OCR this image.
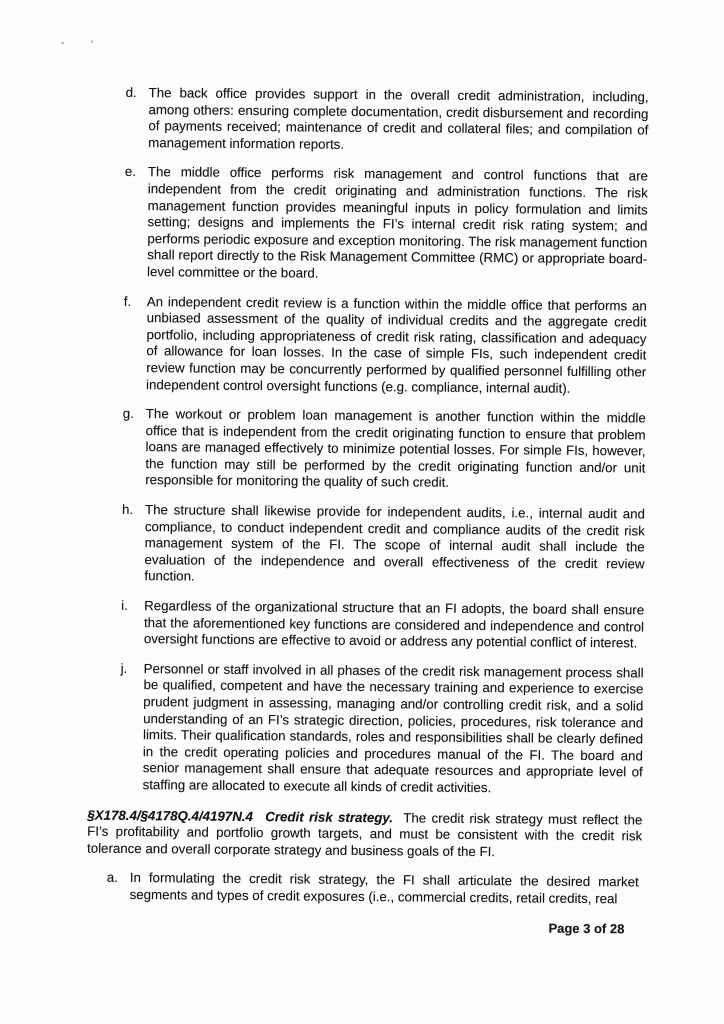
d. The back office provides support in the overall credit administration, including, among others: ensuring complete documentation, credit disbursement and recording of payments received; maintenance of credit and collateral files; and compilation of management information reports.

e. The middle office performs risk management and control functions that are independent from the credit originating and administration functions. The risk management function provides meaningful inputs in policy formulation and limits setting; designs and implements the FI’s internal credit risk rating system; and performs periodic exposure and exception monitoring. The risk management function shall report directly to the Risk Management Committee (RMC) or appropriate board-level committee or the board.

f.	An independent credit review is a function within the middle office that performs an unbiased assessment of the quality of individual credits and the aggregate credit portfolio, including appropriateness of credit risk rating, classification and adequacy of allowance for loan losses. In the case of simple FIs, such independent credit review function may be concurrently performed by qualified personnel fulfilling other independent control oversight functions (e.g. compliance, internal audit).

g. The workout or problem loan management is another function within the middle office that is independent from the credit originating function to ensure that problem loans are managed effectively to minimize potential losses. For simple FIs, however, the function may still be performed by the credit originating function and/or unit responsible for monitoring the quality of such credit.

h. The structure shall likewise provide for independent audits, i.e., internal audit and compliance, to conduct independent credit and compliance audits of the credit risk management system of the FI. The scope of internal audit shall include the evaluation of the independence and overall effectiveness of the credit review function.

i.	Regardless of the organizational structure that an FI adopts, the board shall ensure that the aforementioned key functions are considered and independence and control oversight functions are effective to avoid or address any potential conflict of interest.

j.	Personnel or staff involved in all phases of the credit risk management process shall be qualified, competent and have the necessary training and experience to exercise prudent judgment in assessing, managing and/or controlling credit risk, and a solid understanding of an FI’s strategic direction, policies, procedures, risk tolerance and limits. Their qualification standards, roles and responsibilities shall be clearly defined in the credit operating policies and procedures manual of the FI. The board and senior management shall ensure that adequate resources and appropriate level of staffing are allocated to execute all kinds of credit activities.

§X178.4/§4178Q.4/4197N.4 Credit risk strategy. The credit risk strategy must reflect the FI’s profitability and portfolio growth targets, and must be consistent with the credit risk tolerance and overall corporate strategy and business goals of the FI.

a. In formulating the credit risk strategy, the FI shall articulate the desired market segments and types of credit exposures (i.e., commercial credits, retail credits, real

Page 3 of 28
